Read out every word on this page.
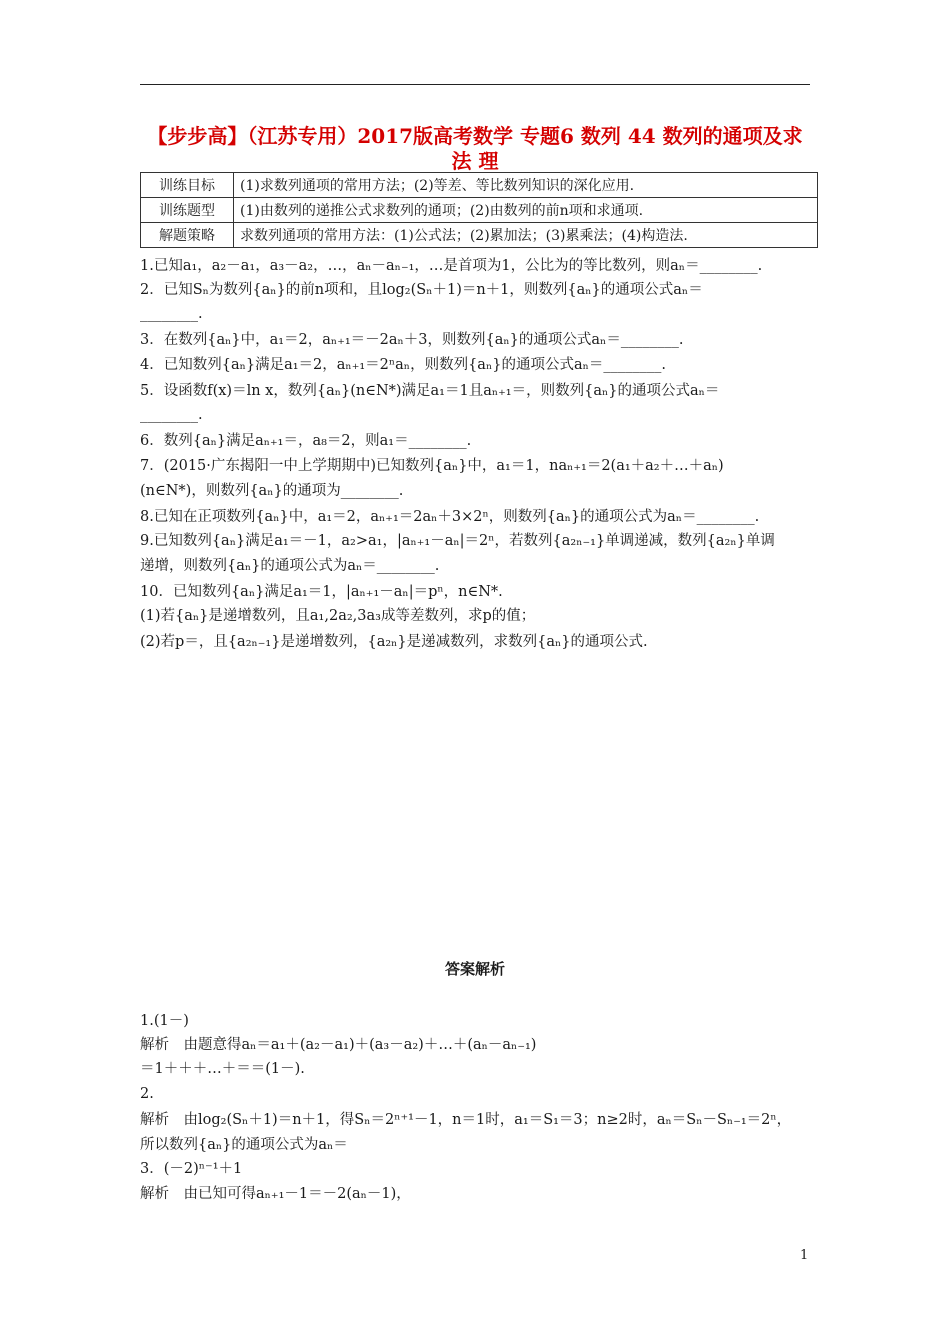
【步步高】（江苏专用）2017版高考数学 专题6 数列 44 数列的通项及求法 理
训练目标	(1)求数列通项的常用方法；(2)等差、等比数列知识的深化应用.
训练题型	(1)由数列的递推公式求数列的通项；(2)由数列的前n项和求通项.
解题策略	求数列通项的常用方法：(1)公式法；(2)累加法；(3)累乘法；(4)构造法.
1.已知a₁，a₂－a₁，a₃－a₂，…，aₙ－aₙ₋₁，…是首项为1，公比为的等比数列，则aₙ＝________.
2．已知Sₙ为数列{aₙ}的前n项和，且log₂(Sₙ＋1)＝n＋1，则数列{aₙ}的通项公式aₙ＝
________.
3．在数列{aₙ}中，a₁＝2，aₙ₊₁＝－2aₙ＋3，则数列{aₙ}的通项公式aₙ＝________.
4．已知数列{aₙ}满足a₁＝2，aₙ₊₁＝2ⁿaₙ，则数列{aₙ}的通项公式aₙ＝________.
5．设函数f(x)＝ln x，数列{aₙ}(n∈N*)满足a₁＝1且aₙ₊₁＝，则数列{aₙ}的通项公式aₙ＝
________.
6．数列{aₙ}满足aₙ₊₁＝，a₈＝2，则a₁＝________.
7．(2015·广东揭阳一中上学期期中)已知数列{aₙ}中，a₁＝1，naₙ₊₁＝2(a₁＋a₂＋…＋aₙ)
(n∈N*)，则数列{aₙ}的通项为________.
8.已知在正项数列{aₙ}中，a₁＝2，aₙ₊₁＝2aₙ＋3×2ⁿ，则数列{aₙ}的通项公式为aₙ＝________.
9.已知数列{aₙ}满足a₁＝－1，a₂>a₁，|aₙ₊₁－aₙ|＝2ⁿ，若数列{a₂ₙ₋₁}单调递减，数列{a₂ₙ}单调
递增，则数列{aₙ}的通项公式为aₙ＝________.
10．已知数列{aₙ}满足a₁＝1，|aₙ₊₁－aₙ|＝pⁿ，n∈N*.
(1)若{aₙ}是递增数列，且a₁,2a₂,3a₃成等差数列，求p的值；
(2)若p＝，且{a₂ₙ₋₁}是递增数列，{a₂ₙ}是递减数列，求数列{aₙ}的通项公式.
答案解析
1.(1－)
解析　由题意得aₙ＝a₁＋(a₂－a₁)＋(a₃－a₂)＋…＋(aₙ－aₙ₋₁)
＝1＋＋＋…＋＝＝(1－).
2.
解析　由log₂(Sₙ＋1)＝n＋1，得Sₙ＝2ⁿ⁺¹－1，n＝1时，a₁＝S₁＝3；n≥2时，aₙ＝Sₙ－Sₙ₋₁＝2ⁿ，
所以数列{aₙ}的通项公式为aₙ＝
3．(－2)ⁿ⁻¹＋1
解析　由已知可得aₙ₊₁－1＝－2(aₙ－1)，
1
